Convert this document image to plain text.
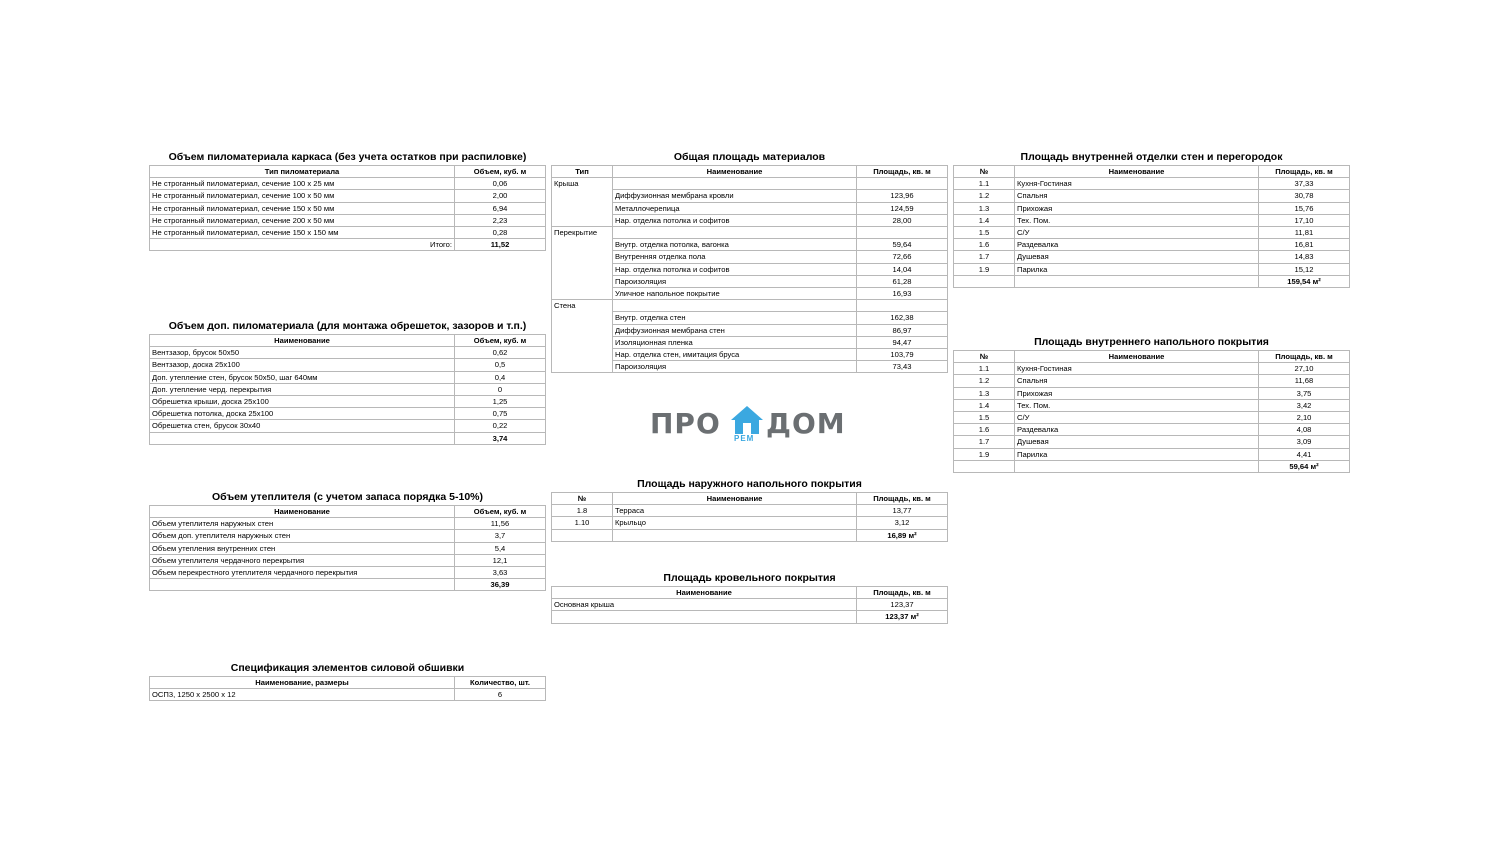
Объем пиломатериала каркаса (без учета остатков при распиловке)
Тип пиломатериала	Объем, куб. м
Не строганный пиломатериал, сечение 100 х 25 мм	0,06
Не строганный пиломатериал, сечение 100 х 50 мм	2,00
Не строганный пиломатериал, сечение 150 х 50 мм	6,94
Не строганный пиломатериал, сечение 200 х 50 мм	2,23
Не строганный пиломатериал, сечение 150 х 150 мм	0,28
Итого:	11,52
Объем доп. пиломатериала (для монтажа обрешеток, зазоров и т.п.)
Наименование	Объем, куб. м
Вентзазор, брусок 50х50	0,62
Вентзазор, доска 25х100	0,5
Доп. утепление стен, брусок 50х50, шаг 640мм	0,4
Доп. утепление черд. перекрытия	0
Обрешетка крыши, доска 25х100	1,25
Обрешетка потолка, доска 25х100	0,75
Обрешетка стен, брусок 30х40	0,22
	3,74
Объем утеплителя (с учетом запаса порядка 5-10%)
Наименование	Объем, куб. м
Объем утеплителя наружных стен	11,56
Объем доп. утеплителя наружных стен	3,7
Объем утепления внутренних стен	5,4
Объем утеплителя чердачного перекрытия	12,1
Объем перекрестного утеплителя чердачного перекрытия	3,63
	36,39
Спецификация элементов силовой обшивки
Наименование, размеры	Количество, шт.
ОСП3, 1250 х 2500 х 12	6
Общая площадь материалов
Тип	Наименование	Площадь, кв. м
Крыша		
	Диффузионная мембрана кровли	123,96
	Металлочерепица	124,59
	Нар. отделка потолка и софитов	28,00
Перекрытие		
	Внутр. отделка потолка, вагонка	59,64
	Внутренняя отделка пола	72,66
	Нар. отделка потолка и софитов	14,04
	Пароизоляция	61,28
	Уличное напольное покрытие	16,93
Стена		
	Внутр. отделка стен	162,38
	Диффузионная мембрана стен	86,97
	Изоляционная пленка	94,47
	Нар. отделка стен, имитация бруса	103,79
	Пароизоляция	73,43
ПРО РЕМ ДОМ
Площадь наружного напольного покрытия
№	Наименование	Площадь, кв. м
1.8	Терраса	13,77
1.10	Крыльцо	3,12
		16,89 м²
Площадь кровельного покрытия
Наименование	Площадь, кв. м
Основная крыша	123,37
	123,37 м²
Площадь внутренней отделки стен и перегородок
№	Наименование	Площадь, кв. м
1.1	Кухня-Гостиная	37,33
1.2	Спальня	30,78
1.3	Прихожая	15,76
1.4	Тех. Пом.	17,10
1.5	С/У	11,81
1.6	Раздевалка	16,81
1.7	Душевая	14,83
1.9	Парилка	15,12
		159,54 м²
Площадь внутреннего напольного покрытия
№	Наименование	Площадь, кв. м
1.1	Кухня-Гостиная	27,10
1.2	Спальня	11,68
1.3	Прихожая	3,75
1.4	Тех. Пом.	3,42
1.5	С/У	2,10
1.6	Раздевалка	4,08
1.7	Душевая	3,09
1.9	Парилка	4,41
		59,64 м²
